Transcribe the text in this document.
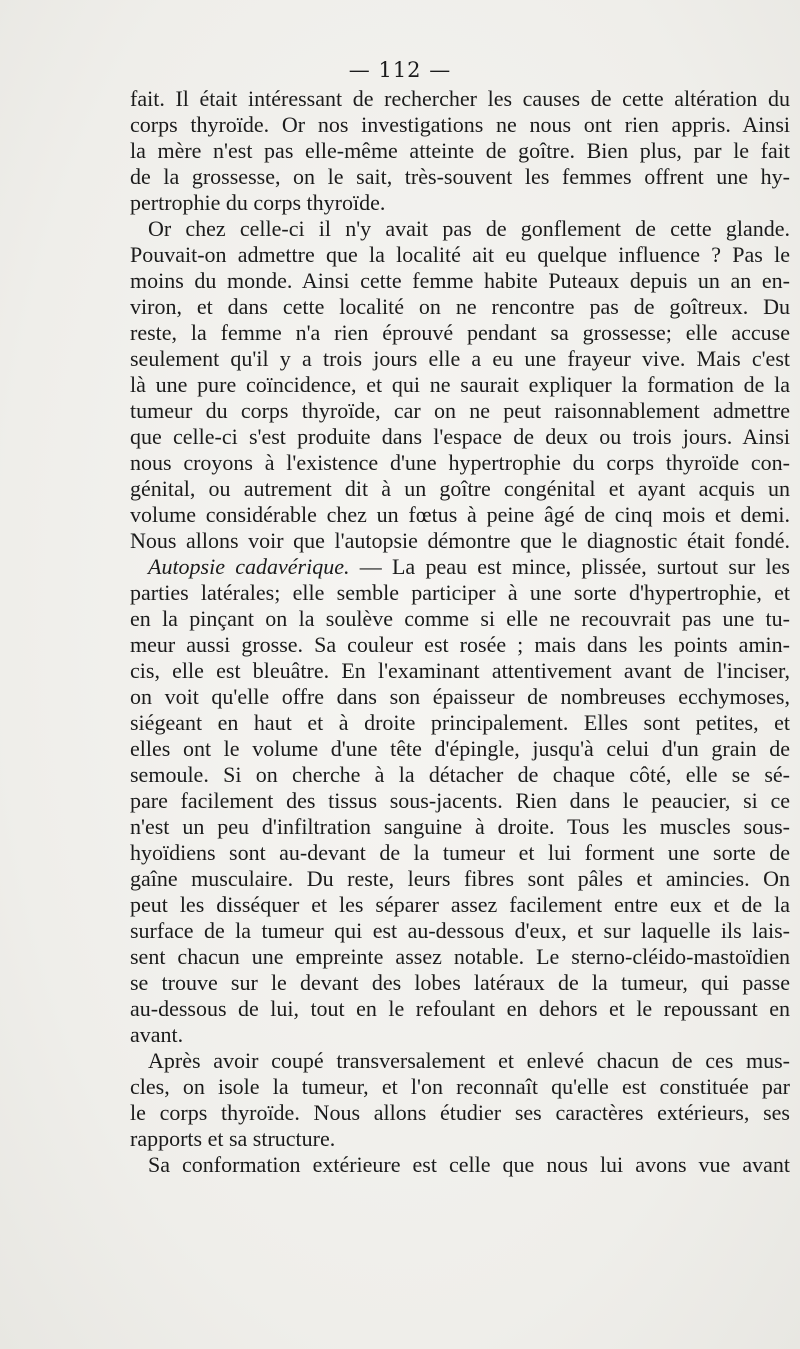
— 112 —
fait. Il était intéressant de rechercher les causes de cette altération du
corps thyroïde. Or nos investigations ne nous ont rien appris. Ainsi
la mère n'est pas elle-même atteinte de goître. Bien plus, par le fait
de la grossesse, on le sait, très-souvent les femmes offrent une hy-
pertrophie du corps thyroïde.
Or chez celle-ci il n'y avait pas de gonflement de cette glande.
Pouvait-on admettre que la localité ait eu quelque influence ? Pas le
moins du monde. Ainsi cette femme habite Puteaux depuis un an en-
viron, et dans cette localité on ne rencontre pas de goîtreux. Du
reste, la femme n'a rien éprouvé pendant sa grossesse; elle accuse
seulement qu'il y a trois jours elle a eu une frayeur vive. Mais c'est
là une pure coïncidence, et qui ne saurait expliquer la formation de la
tumeur du corps thyroïde, car on ne peut raisonnablement admettre
que celle-ci s'est produite dans l'espace de deux ou trois jours. Ainsi
nous croyons à l'existence d'une hypertrophie du corps thyroïde con-
génital, ou autrement dit à un goître congénital et ayant acquis un
volume considérable chez un fœtus à peine âgé de cinq mois et demi.
Nous allons voir que l'autopsie démontre que le diagnostic était fondé.
Autopsie cadavérique. — La peau est mince, plissée, surtout sur les
parties latérales; elle semble participer à une sorte d'hypertrophie, et
en la pinçant on la soulève comme si elle ne recouvrait pas une tu-
meur aussi grosse. Sa couleur est rosée ; mais dans les points amin-
cis, elle est bleuâtre. En l'examinant attentivement avant de l'inciser,
on voit qu'elle offre dans son épaisseur de nombreuses ecchymoses,
siégeant en haut et à droite principalement. Elles sont petites, et
elles ont le volume d'une tête d'épingle, jusqu'à celui d'un grain de
semoule. Si on cherche à la détacher de chaque côté, elle se sé-
pare facilement des tissus sous-jacents. Rien dans le peaucier, si ce
n'est un peu d'infiltration sanguine à droite. Tous les muscles sous-
hyoïdiens sont au-devant de la tumeur et lui forment une sorte de
gaîne musculaire. Du reste, leurs fibres sont pâles et amincies. On
peut les disséquer et les séparer assez facilement entre eux et de la
surface de la tumeur qui est au-dessous d'eux, et sur laquelle ils lais-
sent chacun une empreinte assez notable. Le sterno-cléido-mastoïdien
se trouve sur le devant des lobes latéraux de la tumeur, qui passe
au-dessous de lui, tout en le refoulant en dehors et le repoussant en
avant.
Après avoir coupé transversalement et enlevé chacun de ces mus-
cles, on isole la tumeur, et l'on reconnaît qu'elle est constituée par
le corps thyroïde. Nous allons étudier ses caractères extérieurs, ses
rapports et sa structure.
Sa conformation extérieure est celle que nous lui avons vue avant
